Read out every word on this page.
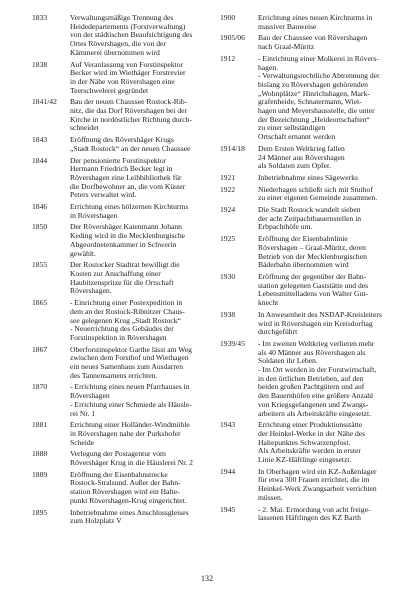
1833	Verwaltungsmäßige Trennung des
Heidedepartements (Forstverwaltung)
von der städtischen Beaufsichtigung des
Ortes Rövershagen, die von der
Kämmerei übernommen wird
1838	Auf Veranlassung von Forstinspektor
Becker wird im Wiethäger Forstrevier
in der Nähe von Rövershagen eine
Teerschwelerei gegründet
1841/42	Bau der neuen Chaussee Rostock-Rib-
nitz, die das Dorf Rövershagen bei der
Kirche in nordöstlicher Richtung durch-
schneidet
1843	Eröffnung des Rövershäger Krugs
„Stadt Rostock“ an der neuen Chaussee
1844	Der pensionierte Forstinspektor
Hermann Friedrich Becker legt in
Rövershagen eine Leihbibliothek für
die Dorfbewohner an, die vom Küster
Peters verwaltet wird.
1846	Errichtung eines hölzernen Kirchturms
in Rövershagen
1850	Der Rövershäger Katenmann Johann
Keding wird in die Mecklenburgische
Abgeordnetenkammer in Schwerin
gewählt.
1855	Der Rostocker Stadtrat bewilligt die
Kosten zur Anschaffung einer
Haubitzenspritze für die Ortschaft
Rövershagen.
1865	- Einrichtung einer Postexpedition in
dem an der Rostock-Ribnitzer Chaus-
see gelegenen Krug „Stadt Rostock“
- Neuerrichtung des Gebäudes der
Forstinspektion in Rövershagen
1867	Oberforstinspektor Garthe lässt am Weg
zwischen dem Forsthof und Wiethagen
ein neues Samenhaus zum Ausdarren
des Tannensamens errichten.
1870	- Errichtung eines neuen Pfarrhauses in
Rövershagen
- Errichtung einer Schmiede als Häusle-
rei Nr. 1
1881	Errichtung einer Holländer-Windmühle
in Rövershagen nahe der Purkshofer
Scheide
1888	Verlegung der Postagentur vom
Rövershäger Krug in die Häuslerei Nr. 2
1889	Eröffnung der Eisenbahnstrecke
Rostock-Stralsund. Außer der Bahn-
station Rövershagen wird ein Halte-
punkt Rövershagen-Krug eingerichtet.
1895	Inbetriebnahme eines Anschlussgleises
zum Holzplatz V
1900	Errichtung eines neuen Kirchturms in
massiver Bauweise
1905/06	Bau der Chaussee von Rövershagen
nach Graal-Müritz
1912	- Einrichtung einer Molkerei in Rövers-
hagen.
- Verwaltungsrechtliche Abtrennung der
bislang zu Rövershagen gehörenden
„Wohnplätze“ Hinrichshagen, Mark-
grafenheide, Schnatermann, Wiet-
hagen und Meyershausstelle, die unter
der Bezeichnung „Heideortschaften“
zu einer selbständigen
Ortschaft ernannt werden
1914/18	Dem Ersten Weltkrieg fallen
24 Männer aus Rövershagen
als Soldaten zum Opfer.
1921	Inbetriebnahme eines Sägewerks
1922	Niederhagen schließt sich mit Stuthof
zu einer eigenen Gemeinde zusammen.
1924	Die Stadt Rostock wandelt sieben
der acht Zeitpachtbauernstellen in
Erbpachthöfe um.
1925	Eröffnung der Eisenbahnlinie
Rövershagen – Graal-Müritz, deren
Betrieb von der Mecklenburgischen
Bäderbahn übernommen wird
1930	Eröffnung der gegenüber der Bahn-
station gelegenen Gaststätte und des
Lebensmittelladens von Walter Gut-
knecht
1938	In Anwesenheit des NSDAP-Kreisleiters
wird in Rövershagen ein Kreisdorftag
durchgeführt
1939/45	- Im zweiten Weltkrieg verlieren mehr
als 40 Männer aus Rövershagen als
Soldaten ihr Leben.
- Im Ort werden in der Forstwirtschaft,
in den örtlichen Betrieben, auf den
beiden großen Pachtgütern und auf
den Bauernhöfen eine größere Anzahl
von Kriegsgefangenen und Zwangs-
arbeitern als Arbeitskräfte eingesetzt.
1943	Errichtung einer Produktionsstätte
der Heinkel-Werke in der Nähe des
Haltepunktes Schwarzenpfost.
Als Arbeitskräfte werden in erster
Linie KZ-Häftlinge eingesetzt.
1944	In Oberhagen wird ein KZ-Außenlager
für etwa 300 Frauen errichtet, die im
Heinkel-Werk Zwangsarbeit verrichten
müssen.
1945	- 2. Mai. Ermordung von acht freige-
lassenen Häftlingen des KZ Barth
132
